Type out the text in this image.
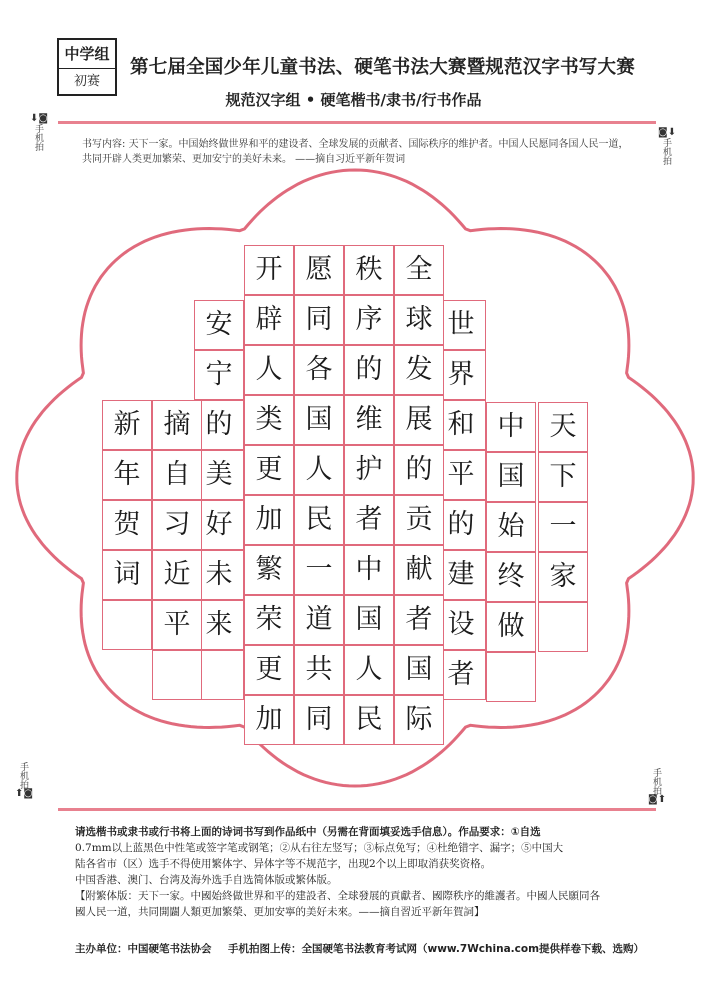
中学组
初赛
第七届全国少年儿童书法、硬笔书法大赛暨规范汉字书写大赛
规范汉字组 • 硬笔楷书/隶书/行书作品
⬇◙
手机拍	◙⬇
手机拍
手机拍
⬆◙	手机拍
◙⬆
书写内容: 天下一家。中国始终做世界和平的建设者、全球发展的贡献者、国际秩序的维护者。中国人民愿同各国人民一道，共同开辟人类更加繁荣、更加安宁的美好未来。 ——摘自习近平新年贺词
天
下
一
家
中
国
始
终
做
世
界
和
平
的
建
设
者
全
球
发
展
的
贡
献
者
国
际
秩
序
的
维
护
者
中
国
人
民
愿
同
各
国
人
民
一
道
共
同
开
辟
人
类
更
加
繁
荣
更
加
安
宁
的
美
好
未
来
摘
自
习
近
平
新
年
贺
词
请选楷书或隶书或行书将上面的诗词书写到作品纸中（另需在背面填妥选手信息）。作品要求：①自选
0.7mm以上蓝黑色中性笔或签字笔或钢笔；②从右往左竖写；③标点免写；④杜绝错字、漏字；⑤中国大
陆各省市（区）选手不得使用繁体字、异体字等不规范字，出现2个以上即取消获奖资格。
中国香港、澳门、台湾及海外选手自选简体版或繁体版。
【附繁体版：天下一家。中國始終做世界和平的建設者、全球發展的貢獻者、國際秩序的維護者。中國人民願同各
國人民一道，共同開闢人類更加繁榮、更加安寧的美好未來。——摘自習近平新年賀詞】
主办单位：中国硬笔书法协会 手机拍图上传：全国硬笔书法教育考试网（www.7Wchina.com提供样卷下载、选购）
